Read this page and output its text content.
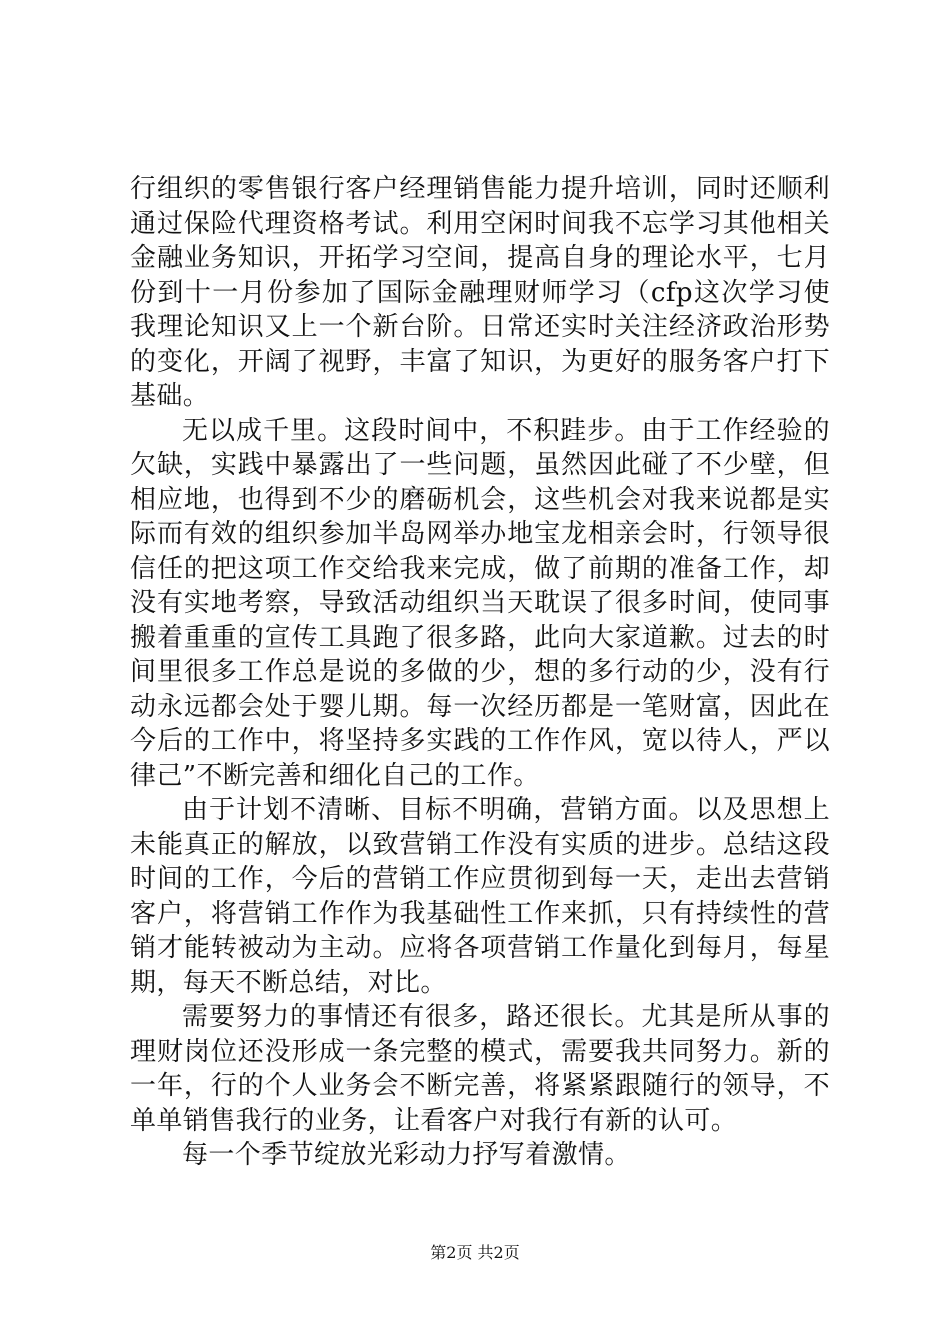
行组织的零售银行客户经理销售能力提升培训，同时还顺利通过保险代理资格考试。利用空闲时间我不忘学习其他相关金融业务知识，开拓学习空间，提高自身的理论水平，七月份到十一月份参加了国际金融理财师学习（cfp这次学习使我理论知识又上一个新台阶。日常还实时关注经济政治形势的变化，开阔了视野，丰富了知识，为更好的服务客户打下基础。

无以成千里。这段时间中，不积跬步。由于工作经验的欠缺，实践中暴露出了一些问题，虽然因此碰了不少壁，但相应地，也得到不少的磨砺机会，这些机会对我来说都是实际而有效的组织参加半岛网举办地宝龙相亲会时，行领导很信任的把这项工作交给我来完成，做了前期的准备工作，却没有实地考察，导致活动组织当天耽误了很多时间，使同事搬着重重的宣传工具跑了很多路，此向大家道歉。过去的时间里很多工作总是说的多做的少，想的多行动的少，没有行动永远都会处于婴儿期。每一次经历都是一笔财富，因此在今后的工作中，将坚持多实践的工作作风，宽以待人，严以律己”不断完善和细化自己的工作。

由于计划不清晰、目标不明确，营销方面。以及思想上未能真正的解放，以致营销工作没有实质的进步。总结这段时间的工作，今后的营销工作应贯彻到每一天，走出去营销客户，将营销工作作为我基础性工作来抓，只有持续性的营销才能转被动为主动。应将各项营销工作量化到每月，每星期，每天不断总结，对比。

需要努力的事情还有很多，路还很长。尤其是所从事的理财岗位还没形成一条完整的模式，需要我共同努力。新的一年，行的个人业务会不断完善，将紧紧跟随行的领导，不单单销售我行的业务，让看客户对我行有新的认可。

每一个季节绽放光彩动力抒写着激情。

第2页 共2页
